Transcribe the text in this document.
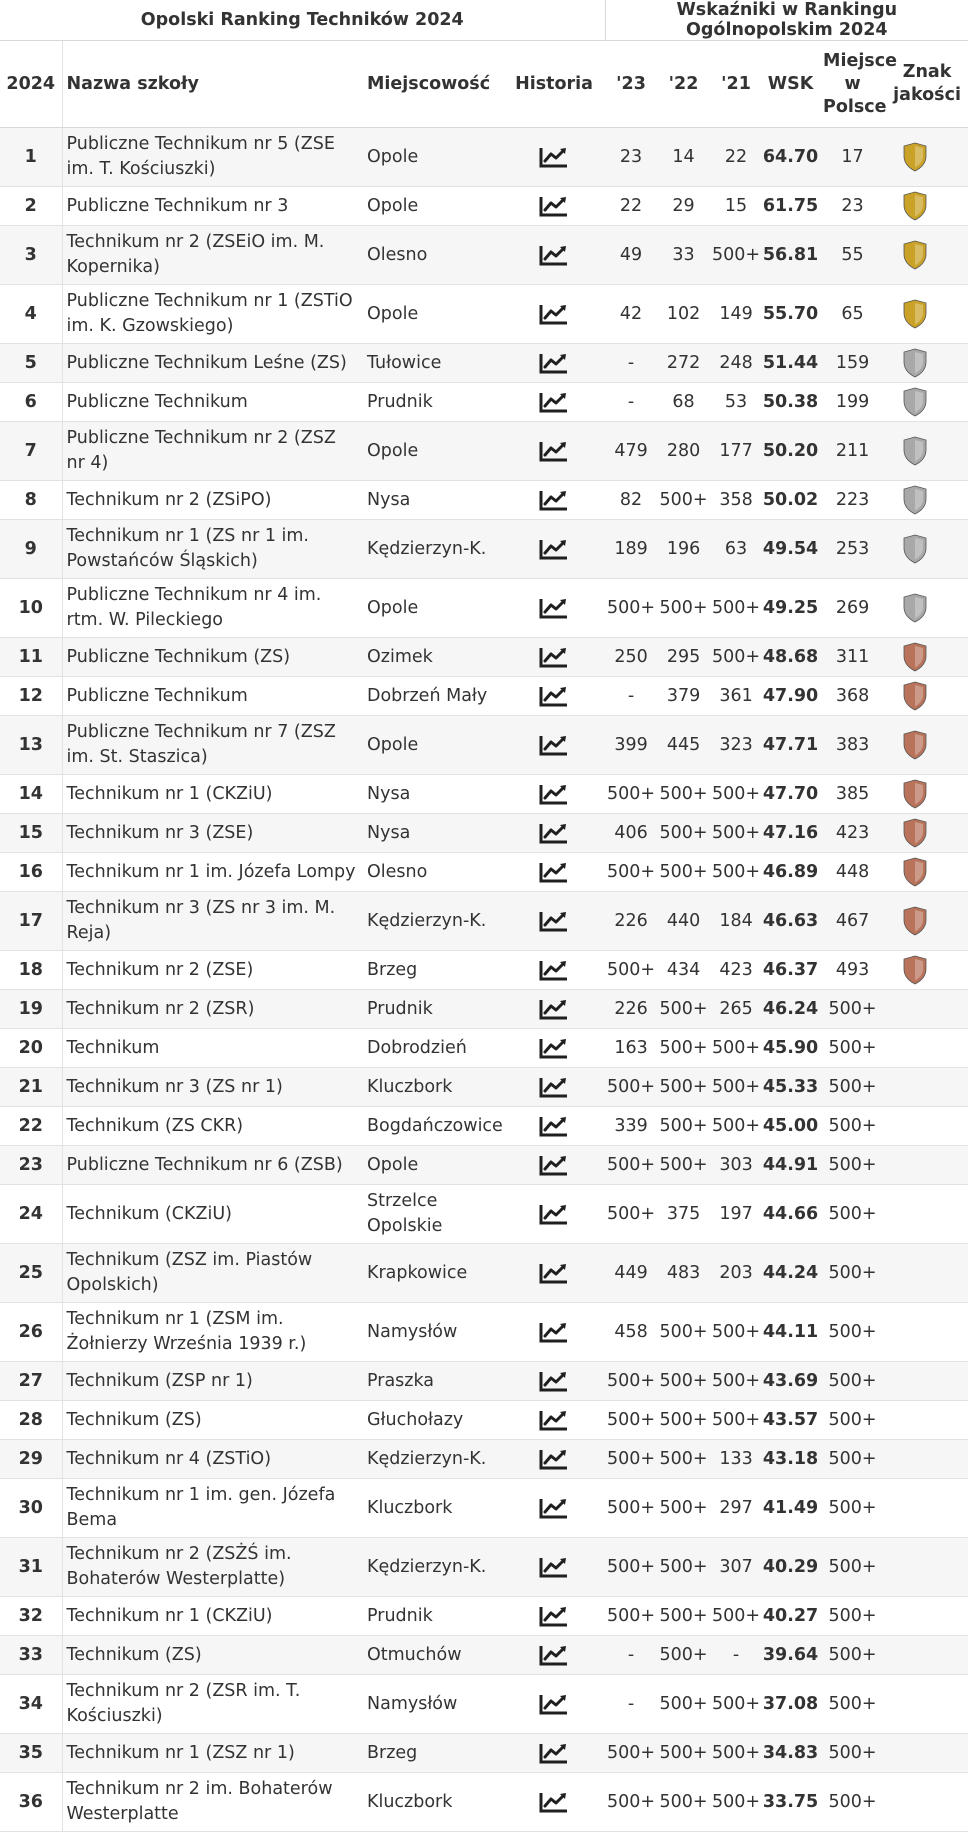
Opolski Ranking Techników 2024				Wskaźniki w Rankingu Ogólnopolskim 2024					
2024	Nazwa szkoły	Miejscowość	Historia	'23	'22	'21	WSK	Miejsce w Polsce	Znak jakości
1	Publiczne Technikum nr 5 (ZSE im. T. Kościuszki)	Opole		23	14	22	64.70	17	
2	Publiczne Technikum nr 3	Opole		22	29	15	61.75	23	
3	Technikum nr 2 (ZSEiO im. M. Kopernika)	Olesno		49	33	500+	56.81	55	
4	Publiczne Technikum nr 1 (ZSTiO im. K. Gzowskiego)	Opole		42	102	149	55.70	65	
5	Publiczne Technikum Leśne (ZS)	Tułowice		-	272	248	51.44	159	
6	Publiczne Technikum	Prudnik		-	68	53	50.38	199	
7	Publiczne Technikum nr 2 (ZSZ nr 4)	Opole		479	280	177	50.20	211	
8	Technikum nr 2 (ZSiPO)	Nysa		82	500+	358	50.02	223	
9	Technikum nr 1 (ZS nr 1 im. Powstańców Śląskich)	Kędzierzyn-K.		189	196	63	49.54	253	
10	Publiczne Technikum nr 4 im. rtm. W. Pileckiego	Opole		500+	500+	500+	49.25	269	
11	Publiczne Technikum (ZS)	Ozimek		250	295	500+	48.68	311	
12	Publiczne Technikum	Dobrzeń Mały		-	379	361	47.90	368	
13	Publiczne Technikum nr 7 (ZSZ im. St. Staszica)	Opole		399	445	323	47.71	383	
14	Technikum nr 1 (CKZiU)	Nysa		500+	500+	500+	47.70	385	
15	Technikum nr 3 (ZSE)	Nysa		406	500+	500+	47.16	423	
16	Technikum nr 1 im. Józefa Lompy	Olesno		500+	500+	500+	46.89	448	
17	Technikum nr 3 (ZS nr 3 im. M. Reja)	Kędzierzyn-K.		226	440	184	46.63	467	
18	Technikum nr 2 (ZSE)	Brzeg		500+	434	423	46.37	493	
19	Technikum nr 2 (ZSR)	Prudnik		226	500+	265	46.24	500+	
20	Technikum	Dobrodzień		163	500+	500+	45.90	500+	
21	Technikum nr 3 (ZS nr 1)	Kluczbork		500+	500+	500+	45.33	500+	
22	Technikum (ZS CKR)	Bogdańczowice		339	500+	500+	45.00	500+	
23	Publiczne Technikum nr 6 (ZSB)	Opole		500+	500+	303	44.91	500+	
24	Technikum (CKZiU)	Strzelce Opolskie		500+	375	197	44.66	500+	
25	Technikum (ZSZ im. Piastów Opolskich)	Krapkowice		449	483	203	44.24	500+	
26	Technikum nr 1 (ZSM im. Żołnierzy Września 1939 r.)	Namysłów		458	500+	500+	44.11	500+	
27	Technikum (ZSP nr 1)	Praszka		500+	500+	500+	43.69	500+	
28	Technikum (ZS)	Głuchołazy		500+	500+	500+	43.57	500+	
29	Technikum nr 4 (ZSTiO)	Kędzierzyn-K.		500+	500+	133	43.18	500+	
30	Technikum nr 1 im. gen. Józefa Bema	Kluczbork		500+	500+	297	41.49	500+	
31	Technikum nr 2 (ZSŻŚ im. Bohaterów Westerplatte)	Kędzierzyn-K.		500+	500+	307	40.29	500+	
32	Technikum nr 1 (CKZiU)	Prudnik		500+	500+	500+	40.27	500+	
33	Technikum (ZS)	Otmuchów		-	500+	-	39.64	500+	
34	Technikum nr 2 (ZSR im. T. Kościuszki)	Namysłów		-	500+	500+	37.08	500+	
35	Technikum nr 1 (ZSZ nr 1)	Brzeg		500+	500+	500+	34.83	500+	
36	Technikum nr 2 im. Bohaterów Westerplatte	Kluczbork		500+	500+	500+	33.75	500+	
